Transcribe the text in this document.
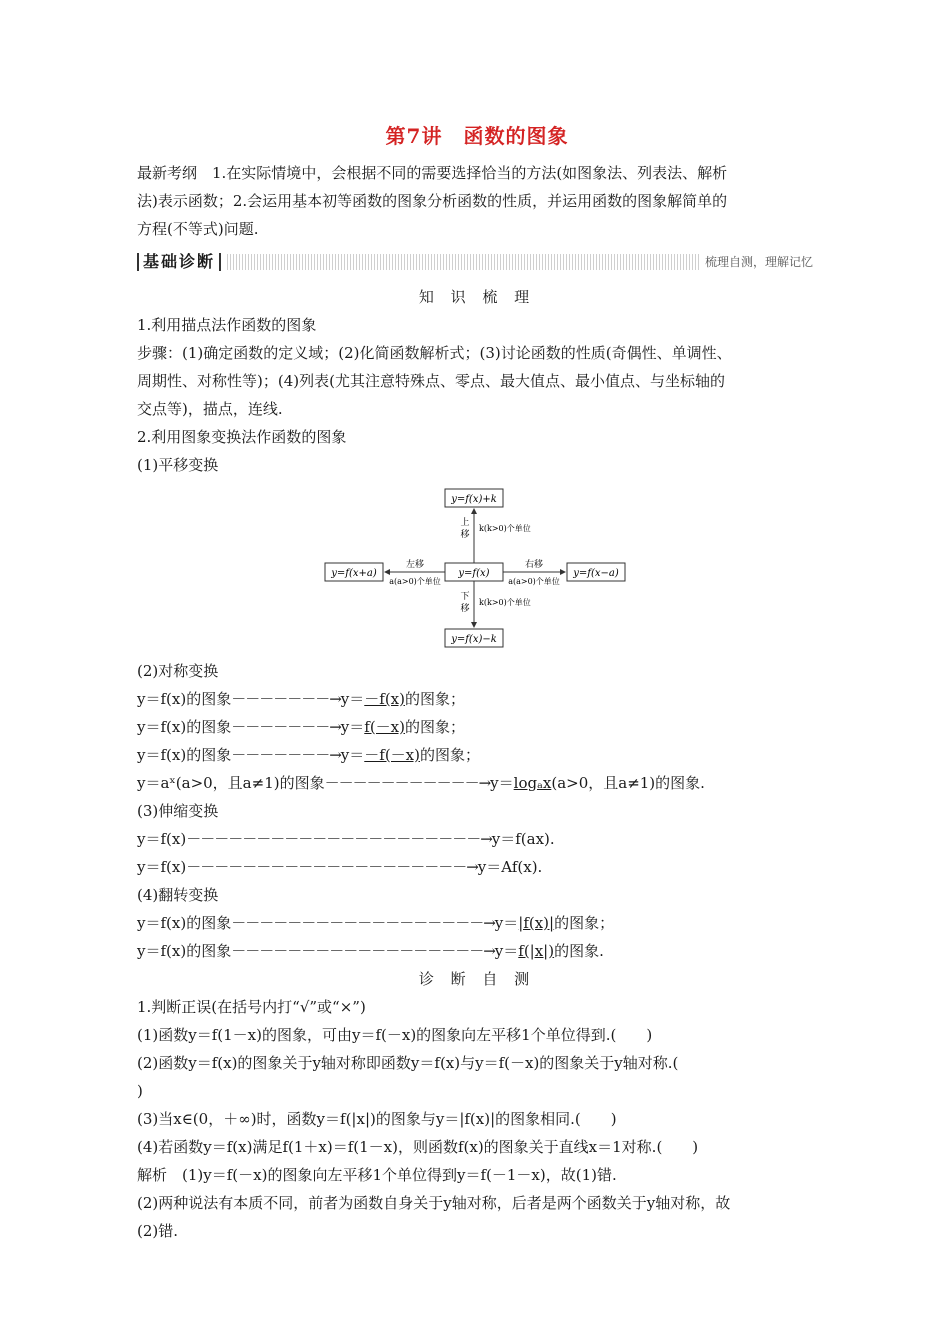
第7讲　函数的图象

最新考纲　1.在实际情境中，会根据不同的需要选择恰当的方法(如图象法、列表法、解析

法)表示函数；2.会运用基本初等函数的图象分析函数的性质，并运用函数的图象解简单的

方程(不等式)问题.

基础诊断	梳理自测，理解记忆
知 识 梳 理

1.利用描点法作函数的图象

步骤：(1)确定函数的定义域；(2)化简函数解析式；(3)讨论函数的性质(奇偶性、单调性、

周期性、对称性等)；(4)列表(尤其注意特殊点、零点、最大值点、最小值点、与坐标轴的

交点等)，描点，连线.

2.利用图象变换法作函数的图象

(1)平移变换

y=f(x)+k
y=f(x)
y=f(x)−k
y=f(x+a)	y=f(x−a)
上
移
k(k>0)个单位
下
移
k(k>0)个单位
左移
a(a>0)个单位
右移
a(a>0)个单位

(2)对称变换

y＝f(x)的图象－－－－－－－→y＝－f(x)的图象；

y＝f(x)的图象－－－－－－－→y＝f(－x)的图象；

y＝f(x)的图象－－－－－－－→y＝－f(－x)的图象；

y＝aˣ(a>0，且a≠1)的图象－－－－－－－－－－－→y＝logₐx(a>0，且a≠1)的图象.

(3)伸缩变换

y＝f(x)－－－－－－－－－－－－－－－－－－－－－→y＝f(ax).

y＝f(x)－－－－－－－－－－－－－－－－－－－－→y＝Af(x).

(4)翻转变换

y＝f(x)的图象－－－－－－－－－－－－－－－－－－→y＝|f(x)|的图象；

y＝f(x)的图象－－－－－－－－－－－－－－－－－－→y＝f(|x|)的图象.

诊 断 自 测

1.判断正误(在括号内打“√”或“×”)

(1)函数y＝f(1－x)的图象，可由y＝f(－x)的图象向左平移1个单位得到.(　　)

(2)函数y＝f(x)的图象关于y轴对称即函数y＝f(x)与y＝f(－x)的图象关于y轴对称.(

)

(3)当x∈(0，＋∞)时，函数y＝f(|x|)的图象与y＝|f(x)|的图象相同.(　　)

(4)若函数y＝f(x)满足f(1＋x)＝f(1－x)，则函数f(x)的图象关于直线x＝1对称.(　　)

解析　(1)y＝f(－x)的图象向左平移1个单位得到y＝f(－1－x)，故(1)错.

(2)两种说法有本质不同，前者为函数自身关于y轴对称，后者是两个函数关于y轴对称，故

(2)错.
